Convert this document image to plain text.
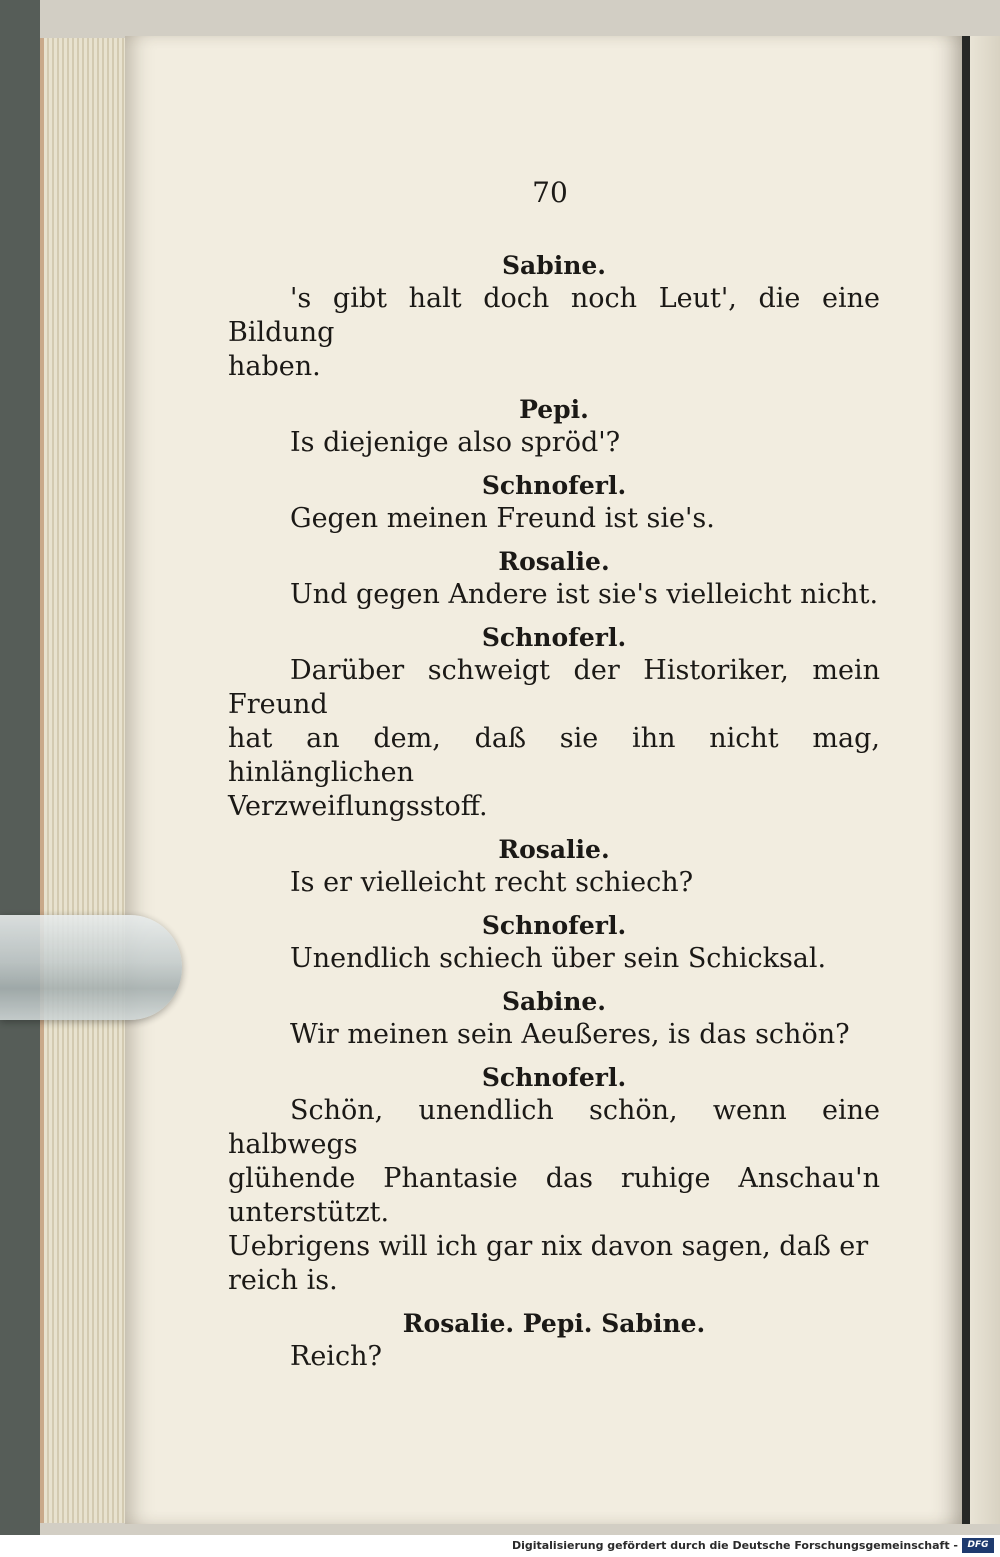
70

Sabine.

's gibt halt doch noch Leut', die eine Bildung

haben.

Pepi.

Is diejenige also spröd'?

Schnoferl.

Gegen meinen Freund ist sie's.

Rosalie.

Und gegen Andere ist sie's vielleicht nicht.

Schnoferl.

Darüber schweigt der Historiker, mein Freund

hat an dem, daß sie ihn nicht mag, hinlänglichen

Verzweiflungsstoff.

Rosalie.

Is er vielleicht recht schiech?

Schnoferl.

Unendlich schiech über sein Schicksal.

Sabine.

Wir meinen sein Aeußeres, is das schön?

Schnoferl.

Schön, unendlich schön, wenn eine halbwegs

glühende Phantasie das ruhige Anschau'n unterstützt.

Uebrigens will ich gar nix davon sagen, daß er

reich is.

Rosalie. Pepi. Sabine.

Reich?

Digitalisierung gefördert durch die Deutsche Forschungsgemeinschaft -	DFG
